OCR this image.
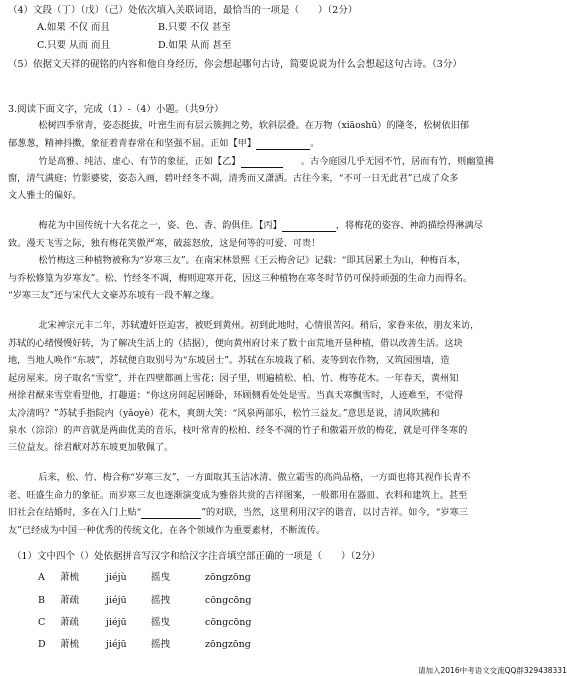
（4）文段（丁）（戊）（己）处依次填入关联词语，最恰当的一项是（　　）（2分）
A.如果 不仅 而且	B.只要 不仅 甚至
C.只要 从而 而且	D.如果 从而 甚至
（5）依据文天祥的砚铭的内容和他自身经历，你会想起哪句古诗，简要说说为什么会想起这句古诗。（3分）
3.阅读下面文字，完成（1）-（4）小题。（共9分）
　　松树四季常青，姿态挺拔，叶密生而有层云簇拥之势，软斜层叠。在万物（xiāoshū）的隆冬，松树依旧郁
郁葱葱，精神抖擞，象征着青春常在和坚强不屈。正如【甲】	。
　　竹是高雅、纯洁、虚心、有节的象征，正如【乙】	　　。古今庭园几乎无园不竹，居而有竹，则幽篁拂
窗，清气满庭；竹影婆娑，姿态入画，碧叶经冬不凋，清秀而又潇洒。古往今来，“不可一日无此君”已成了众多
文人雅士的偏好。
　　梅花为中国传统十大名花之一，姿、色、香、韵俱佳。【丙】	，将梅花的姿容、神韵描绘得淋漓尽
致。漫天飞雪之际，独有梅花笑傲严寒，破蕊怒放，这是何等的可爱、可贵！
　　松竹梅这三种植物被称为“岁寒三友”。在南宋林景熙《王云梅舍记》记载：“即其居累土为山，种梅百本，
与乔松修篁为岁寒友”。松、竹经冬不凋，梅则迎寒开花，因这三种植物在寒冬时节仍可保持顽强的生命力而得名。
“岁寒三友”还与宋代大文豪苏东坡有一段不解之缘。
　　北宋神宗元丰二年，苏轼遭奸臣迫害，被贬到黄州。初到此地时，心情很苦闷。稍后，家眷来依，朋友来访，
苏轼的心绪慢慢好转，为了解决生活上的（拮据），便向黄州府讨来了数十亩荒地开垦种植，借以改善生活。这块
地，当地人唤作“东坡”，苏轼便自取别号为“东坡居士”。苏轼在东坡栽了稻、麦等到农作物，又筑园围墙，造
起房屋来。房子取名“雪堂”，并在四壁都画上雪花；园子里，则遍植松、柏、竹、梅等花木。一年春天，黄州知
州徐君猷来雪堂看望他，打趣道：“你这房间起居睡卧，环顾侧看处处是雪。当真天寒飘雪时，人迹难至，不觉得
太冷清吗？”苏轼手指院内（yǎoyè）花木，爽朗大笑：“风泉两部乐，松竹三益友。”意思是说，清风吹拂和
泉水（淙淙）的声音就是两曲优美的音乐，枝叶常青的松柏、经冬不凋的竹子和傲霜开放的梅花，就是可伴冬寒的
三位益友。徐君猷对苏东坡更加敬佩了。
　　后来，松、竹、梅合称“岁寒三友”，一方面取其玉洁冰清、傲立霜雪的高尚品格，一方面也将其视作长青不
老、旺盛生命力的象征。而岁寒三友也逐渐演变成为雅俗共赏的吉祥图案，一般都用在器皿、衣料和建筑上。甚至
旧社会在结婚时，多在入门上贴“	”的对联，当然，这里利用汉字的谐音，以讨吉祥。如今，“岁寒三
友”已经成为中国一种优秀的传统文化，在各个领域作为重要素材，不断流传。
（1）文中四个（）处依据拼音写汉字和给汉字注音填空部正确的一项是（　　）（2分）
A 萧梳	jiéjù	摇曳	zōngzōng
B 萧疏	jiéjū	摇拽	cōngcōng
C 萧疏	jiéjū	摇曳	cōngcōng
D 萧梳	jiéjū	摇拽	zōngzōng
请加入2016中考语文交流QQ群329438331
